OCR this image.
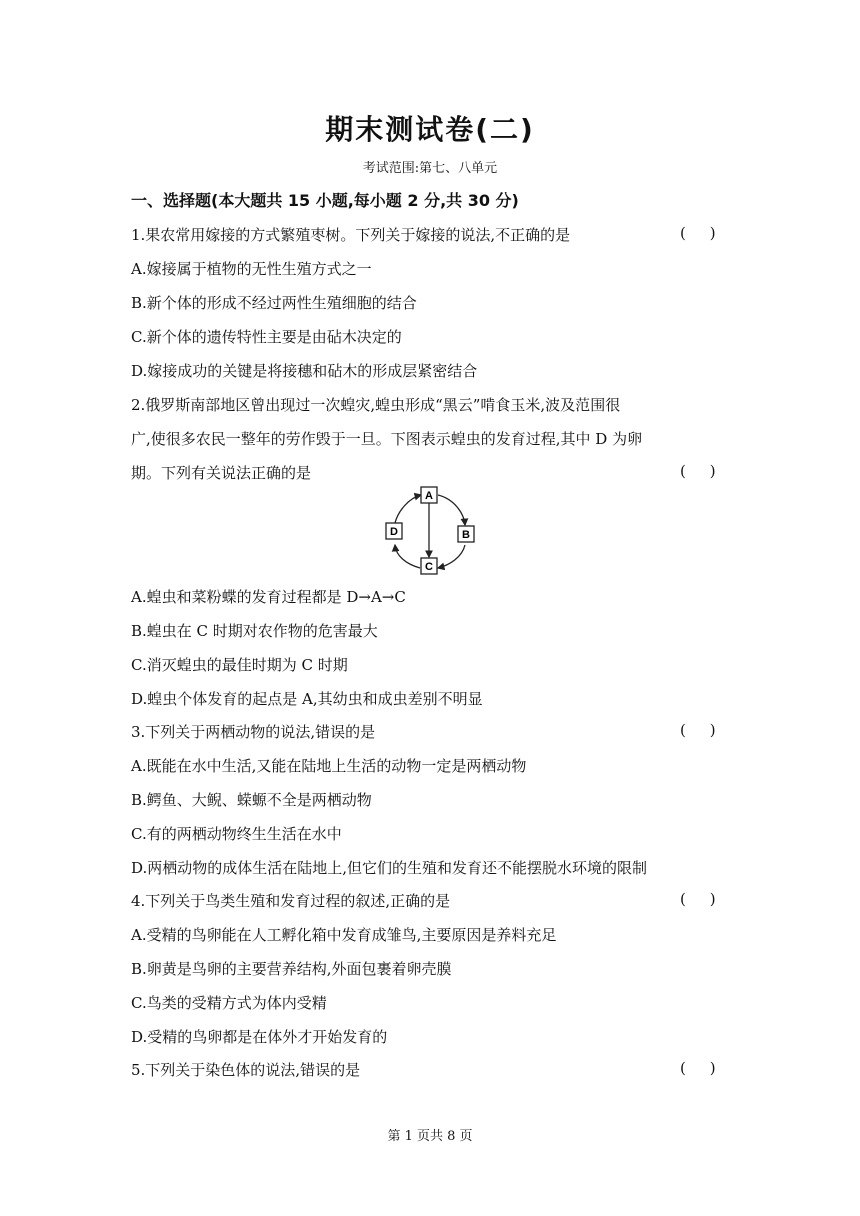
期末测试卷(二)
考试范围:第七、八单元
一、选择题(本大题共 15 小题,每小题 2 分,共 30 分)
1.果农常用嫁接的方式繁殖枣树。下列关于嫁接的说法,不正确的是	(     )
A.嫁接属于植物的无性生殖方式之一
B.新个体的形成不经过两性生殖细胞的结合
C.新个体的遗传特性主要是由砧木决定的
D.嫁接成功的关键是将接穗和砧木的形成层紧密结合
2.俄罗斯南部地区曾出现过一次蝗灾,蝗虫形成“黑云”啃食玉米,波及范围很
广,使很多农民一整年的劳作毁于一旦。下图表示蝗虫的发育过程,其中 D 为卵
期。下列有关说法正确的是	(     )
A
B
C
D
A.蝗虫和菜粉蝶的发育过程都是 D→A→C
B.蝗虫在 C 时期对农作物的危害最大
C.消灭蝗虫的最佳时期为 C 时期
D.蝗虫个体发育的起点是 A,其幼虫和成虫差别不明显
3.下列关于两栖动物的说法,错误的是	(     )
A.既能在水中生活,又能在陆地上生活的动物一定是两栖动物
B.鳄鱼、大鲵、蝾螈不全是两栖动物
C.有的两栖动物终生生活在水中
D.两栖动物的成体生活在陆地上,但它们的生殖和发育还不能摆脱水环境的限制
4.下列关于鸟类生殖和发育过程的叙述,正确的是	(     )
A.受精的鸟卵能在人工孵化箱中发育成雏鸟,主要原因是养料充足
B.卵黄是鸟卵的主要营养结构,外面包裹着卵壳膜
C.鸟类的受精方式为体内受精
D.受精的鸟卵都是在体外才开始发育的
5.下列关于染色体的说法,错误的是	(     )
第 1 页共 8 页
